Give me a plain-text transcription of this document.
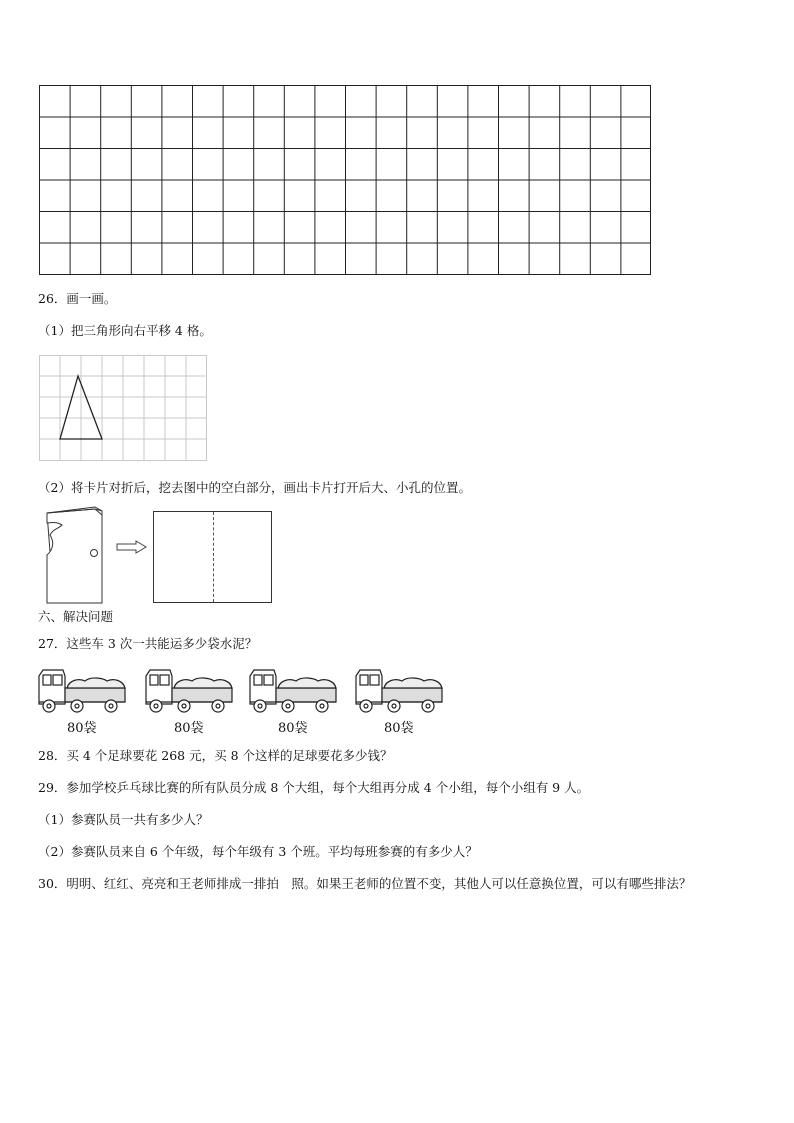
26．画一画。
（1）把三角形向右平移 4 格。
（2）将卡片对折后，挖去图中的空白部分，画出卡片打开后大、小孔的位置。
六、解决问题
27．这些车 3 次一共能运多少袋水泥？
80袋	80袋	80袋	80袋
28．买 4 个足球要花 268 元，买 8 个这样的足球要花多少钱？
29．参加学校乒乓球比赛的所有队员分成 8 个大组，每个大组再分成 4 个小组，每个小组有 9 人。
（1）参赛队员一共有多少人？
（2）参赛队员来自 6 个年级，每个年级有 3 个班。平均每班参赛的有多少人？
30．明明、红红、亮亮和王老师排成一排拍　照。如果王老师的位置不变，其他人可以任意换位置，可以有哪些排法？
